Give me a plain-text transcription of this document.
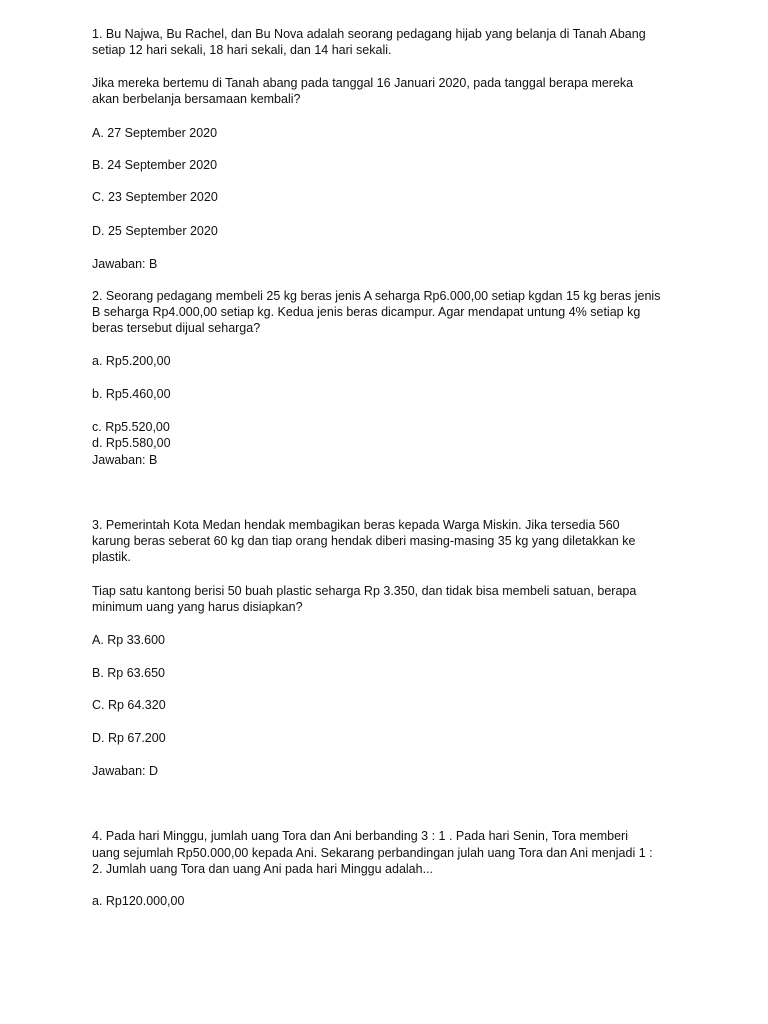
1. Bu Najwa, Bu Rachel, dan Bu Nova adalah seorang pedagang hijab yang belanja di Tanah Abang
setiap 12 hari sekali, 18 hari sekali, dan 14 hari sekali.
Jika mereka bertemu di Tanah abang pada tanggal 16 Januari 2020, pada tanggal berapa mereka
akan berbelanja bersamaan kembali?
A. 27 September 2020
B. 24 September 2020
C. 23 September 2020
D. 25 September 2020
Jawaban: B
2. Seorang pedagang membeli 25 kg beras jenis A seharga Rp6.000,00 setiap kgdan 15 kg beras jenis
B seharga Rp4.000,00 setiap kg. Kedua jenis beras dicampur. Agar mendapat untung 4% setiap kg
beras tersebut dijual seharga?
a. Rp5.200,00
b. Rp5.460,00
c. Rp5.520,00
d. Rp5.580,00
Jawaban: B
3. Pemerintah Kota Medan hendak membagikan beras kepada Warga Miskin. Jika tersedia 560
karung beras seberat 60 kg dan tiap orang hendak diberi masing-masing 35 kg yang diletakkan ke
plastik.
Tiap satu kantong berisi 50 buah plastic seharga Rp 3.350, dan tidak bisa membeli satuan, berapa
minimum uang yang harus disiapkan?
A. Rp 33.600
B. Rp 63.650
C. Rp 64.320
D. Rp 67.200
Jawaban: D
4. Pada hari Minggu, jumlah uang Tora dan Ani berbanding 3 : 1 . Pada hari Senin, Tora memberi
uang sejumlah Rp50.000,00 kepada Ani. Sekarang perbandingan julah uang Tora dan Ani menjadi 1 :
2. Jumlah uang Tora dan uang Ani pada hari Minggu adalah...
a. Rp120.000,00
